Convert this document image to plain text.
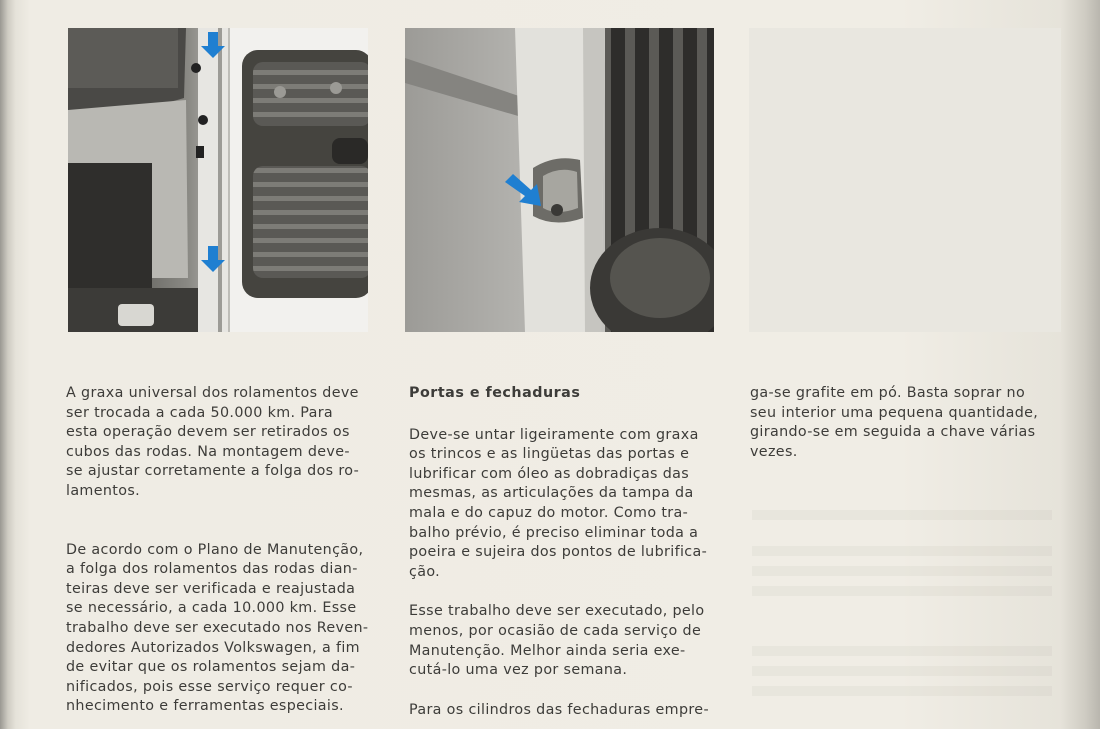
A graxa universal dos rolamentos deve
ser trocada a cada 50.000 km. Para
esta operação devem ser retirados os
cubos das rodas. Na montagem deve-
se ajustar corretamente a folga dos ro-
lamentos.

De acordo com o Plano de Manutenção,
a folga dos rolamentos das rodas dian-
teiras deve ser verificada e reajustada
se necessário, a cada 10.000 km. Esse
trabalho deve ser executado nos Reven-
dedores Autorizados Volkswagen, a fim
de evitar que os rolamentos sejam da-
nificados, pois esse serviço requer co-
nhecimento e ferramentas especiais.

Portas e fechaduras

Deve-se untar ligeiramente com graxa
os trincos e as lingüetas das portas e
lubrificar com óleo as dobradiças das
mesmas, as articulações da tampa da
mala e do capuz do motor. Como tra-
balho prévio, é preciso eliminar toda a
poeira e sujeira dos pontos de lubrifica-
ção.

Esse trabalho deve ser executado, pelo
menos, por ocasião de cada serviço de
Manutenção. Melhor ainda seria exe-
cutá-lo uma vez por semana.

Para os cilindros das fechaduras empre-

ga-se grafite em pó. Basta soprar no
seu interior uma pequena quantidade,
girando-se em seguida a chave várias
vezes.
